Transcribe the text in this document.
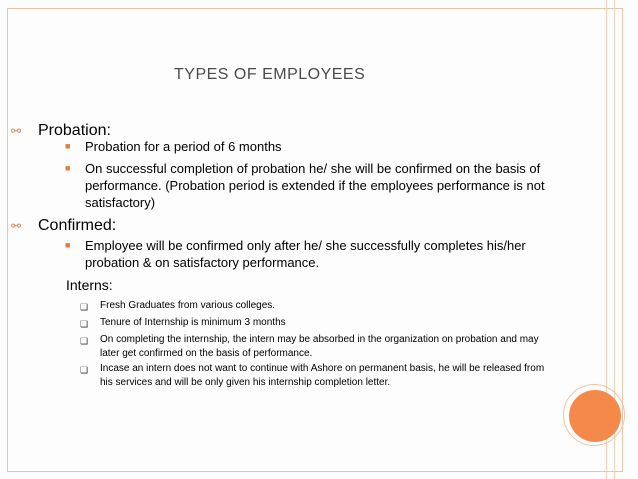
TYPES OF EMPLOYEES
⚯ Probation:
■ Probation for a period of 6 months
■ On successful completion of probation he/ she will be confirmed on the basis of performance. (Probation period is extended if the employees performance is not satisfactory)
⚯ Confirmed:
■ Employee will be confirmed only after he/ she successfully completes his/her probation & on satisfactory performance.
Interns:
❏ Fresh Graduates from various colleges.
❏ Tenure of Internship is minimum 3 months
❏ On completing the internship, the intern may be absorbed in the organization on probation and may later get confirmed on the basis of performance.
❏ Incase an intern does not want to continue with Ashore on permanent basis, he will be released from his services and will be only given his internship completion letter.
